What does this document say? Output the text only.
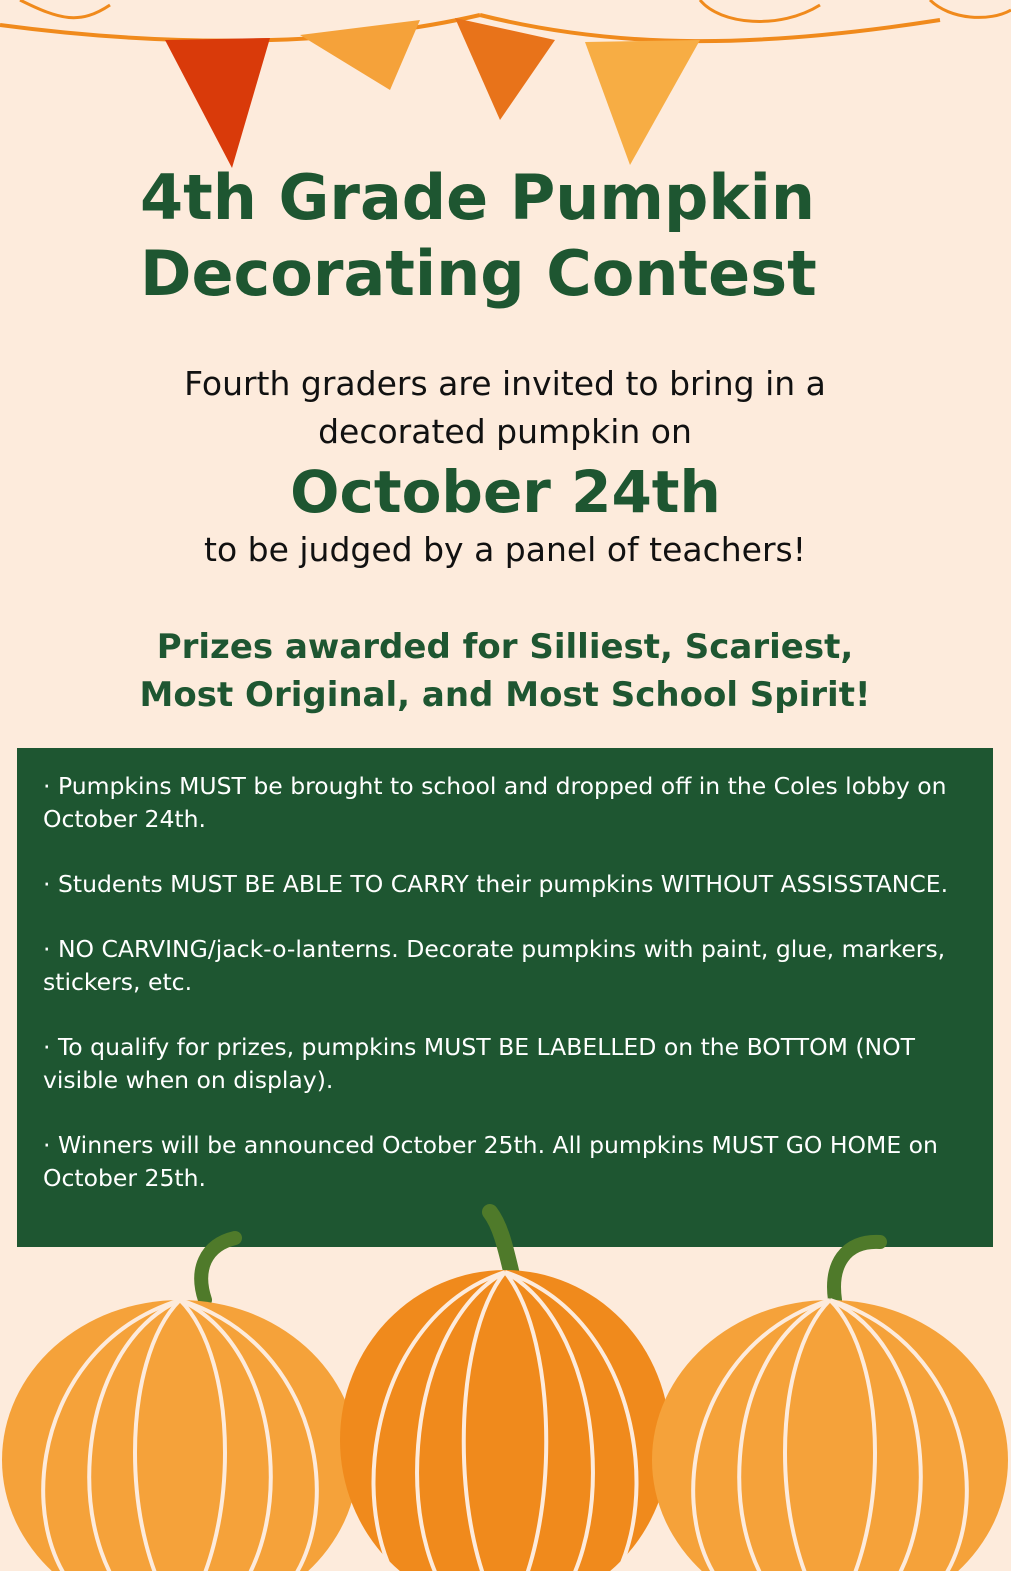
4th Grade Pumpkin
Decorating Contest

Fourth graders are invited to bring in a
decorated pumpkin on

October 24th

to be judged by a panel of teachers!

Prizes awarded for Silliest, Scariest,
Most Original, and Most School Spirit!

· Pumpkins MUST be brought to school and dropped off in the Coles lobby on October 24th.

· Students MUST BE ABLE TO CARRY their pumpkins WITHOUT ASSISSTANCE.

· NO CARVING/jack-o-lanterns. Decorate pumpkins with paint, glue, markers, stickers, etc.

· To qualify for prizes, pumpkins MUST BE LABELLED on the BOTTOM (NOT visible when on display).

· Winners will be announced October 25th. All pumpkins MUST GO HOME on October 25th.
